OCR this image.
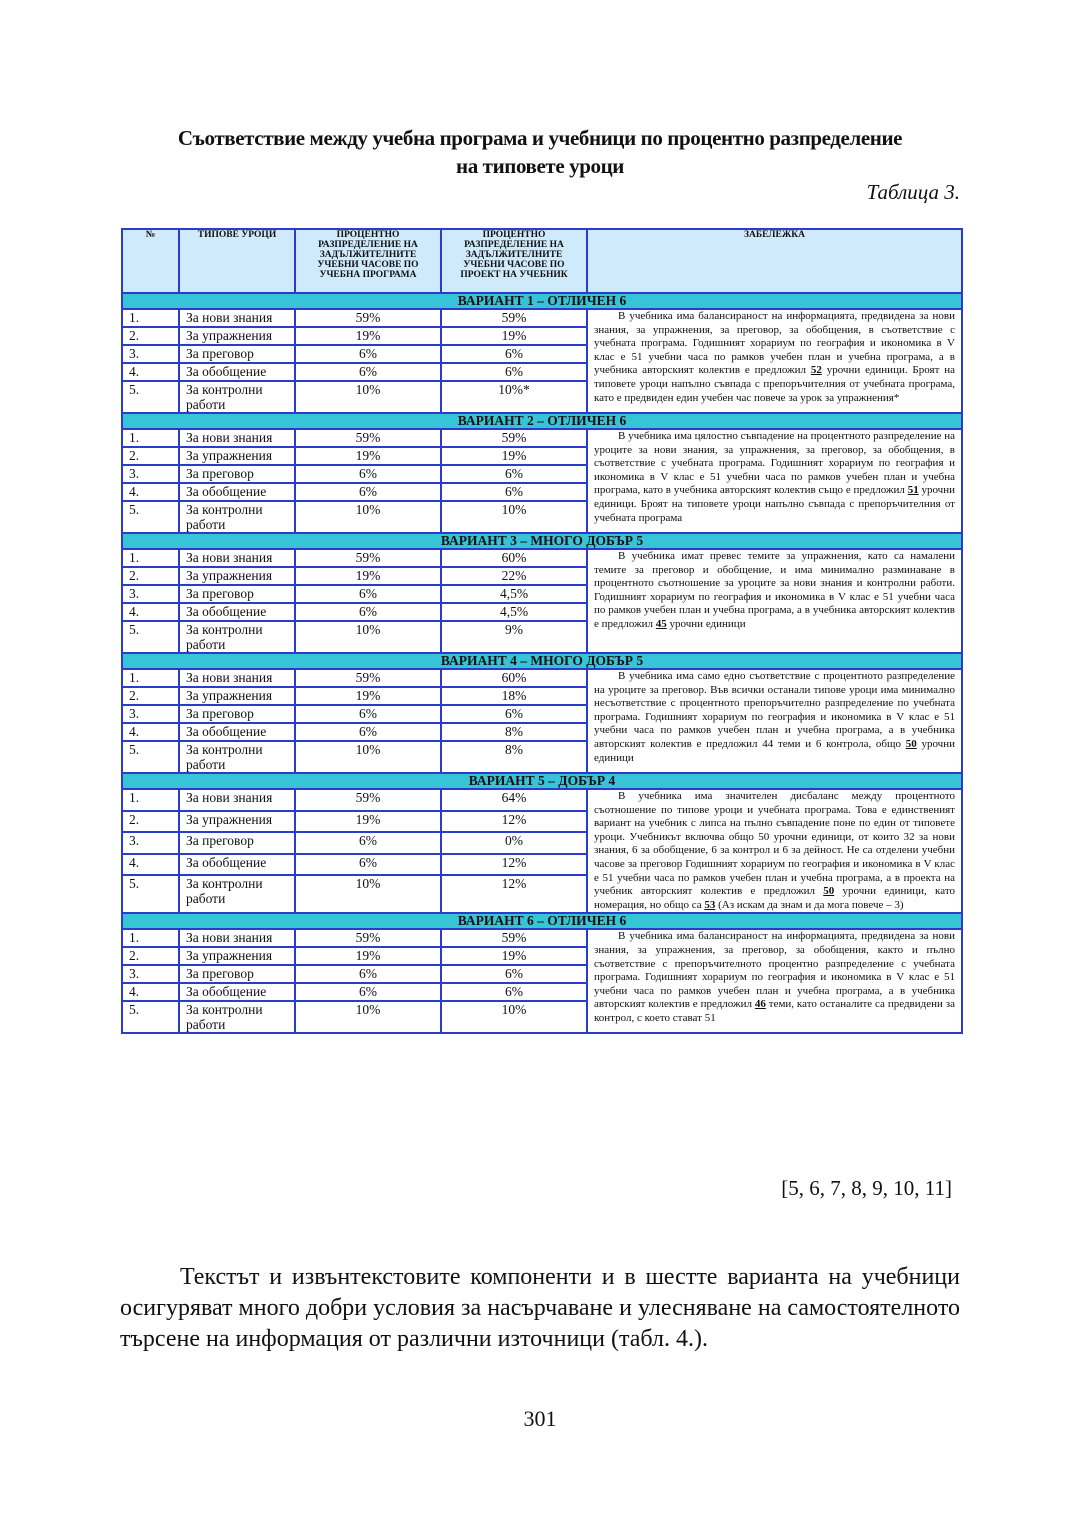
Съответствие между учебна програма и учебници по процентно разпределение
на типовете уроци
Таблица 3.
№	ТИПОВЕ УРОЦИ	ПРОЦЕНТНО РАЗПРЕДЕЛЕНИЕ НА ЗАДЪЛЖИТЕЛНИТЕ УЧЕБНИ ЧАСОВЕ ПО УЧЕБНА ПРОГРАМА	ПРОЦЕНТНО РАЗПРЕДЕЛЕНИЕ НА ЗАДЪЛЖИТЕЛНИТЕ УЧЕБНИ ЧАСОВЕ ПО ПРОЕКТ НА УЧЕБНИК	ЗАБЕЛЕЖКА
ВАРИАНТ 1 – ОТЛИЧЕН 6				
1.	За нови знания	59%	59%	В учебника има балансираност на информацията, предвидена за нови знания, за упражнения, за преговор, за обобщения, в съответствие с учебната програма. Годишният хорариум по география и икономика в V клас е 51 учебни часа по рамков учебен план и учебна програма, а в учебника авторският колектив е предложил 52 урочни единици. Броят на типовете уроци напълно съвпада с препоръчителния от учебната програма, като е предвиден един учебен час повече за урок за упражнения*
2.	За упражнения	19%	19%	
3.	За преговор	6%	6%	
4.	За обобщение	6%	6%	
5.	За контролни работи	10%	10%*	
ВАРИАНТ 2 – ОТЛИЧЕН 6				
1.	За нови знания	59%	59%	В учебника има цялостно съвпадение на процентното разпределение на уроците за нови знания, за упражнения, за преговор, за обобщения, в съответствие с учебната програма. Годишният хорариум по география и икономика в V клас е 51 учебни часа по рамков учебен план и учебна програма, като в учебника авторският колектив също е предложил 51 урочни единици. Броят на типовете уроци напълно съвпада с препоръчителния от учебната програма
2.	За упражнения	19%	19%	
3.	За преговор	6%	6%	
4.	За обобщение	6%	6%	
5.	За контролни работи	10%	10%	
ВАРИАНТ 3 – МНОГО ДОБЪР 5				
1.	За нови знания	59%	60%	В учебника имат превес темите за упражнения, като са намалени темите за преговор и обобщение, и има минимално разминаване в процентното съотношение за уроците за нови знания и контролни работи. Годишният хорариум по география и икономика в V клас е 51 учебни часа по рамков учебен план и учебна програма, а в учебника авторският колектив е предложил 45 урочни единици
2.	За упражнения	19%	22%	
3.	За преговор	6%	4,5%	
4.	За обобщение	6%	4,5%	
5.	За контролни работи	10%	9%	
ВАРИАНТ 4 – МНОГО ДОБЪР 5				
1.	За нови знания	59%	60%	В учебника има само едно съответствие с процентното разпределение на уроците за преговор. Във всички останали типове уроци има минимално несъответствие с процентното препоръчително разпределение по учебната програма. Годишният хорариум по география и икономика в V клас е 51 учебни часа по рамков учебен план и учебна програма, а в учебника авторският колектив е предложил 44 теми и 6 контрола, общо 50 урочни единици
2.	За упражнения	19%	18%	
3.	За преговор	6%	6%	
4.	За обобщение	6%	8%	
5.	За контролни работи	10%	8%	
ВАРИАНТ 5 – ДОБЪР 4				
1.	За нови знания	59%	64%	В учебника има значителен дисбаланс между процентното съотношение по типове уроци и учебната програма. Това е единственият вариант на учебник с липса на пълно съвпадение поне по един от типовете уроци. Учебникът включва общо 50 урочни единици, от които 32 за нови знания, 6 за обобщение, 6 за контрол и 6 за дейност. Не са отделени учебни часове за преговор Годишният хорариум по география и икономика в V клас е 51 учебни часа по рамков учебен план и учебна програма, а в проекта на учебник авторският колектив е предложил 50 урочни единици, като номерация, но общо са 53 (Аз искам да знам и да мога повече – 3)
2.	За упражнения	19%	12%	
3.	За преговор	6%	0%	
4.	За обобщение	6%	12%	
5.	За контролни работи	10%	12%	
ВАРИАНТ 6 – ОТЛИЧЕН 6				
1.	За нови знания	59%	59%	В учебника има балансираност на информацията, предвидена за нови знания, за упражнения, за преговор, за обобщения, както и пълно съответствие с препоръчителното процентно разпределение с учебната програма. Годишният хорариум по география и икономика в V клас е 51 учебни часа по рамков учебен план и учебна програма, а в учебника авторският колектив е предложил 46 теми, като останалите са предвидени за контрол, с което стават 51
2.	За упражнения	19%	19%	
3.	За преговор	6%	6%	
4.	За обобщение	6%	6%	
5.	За контролни работи	10%	10%	
[5, 6, 7, 8, 9, 10, 11]
Текстът и извънтекстовите компоненти и в шестте варианта на учебници осигуряват много добри условия за насърчаване и улесняване на самостоятелното търсене на информация от различни източници (табл. 4.).
301
